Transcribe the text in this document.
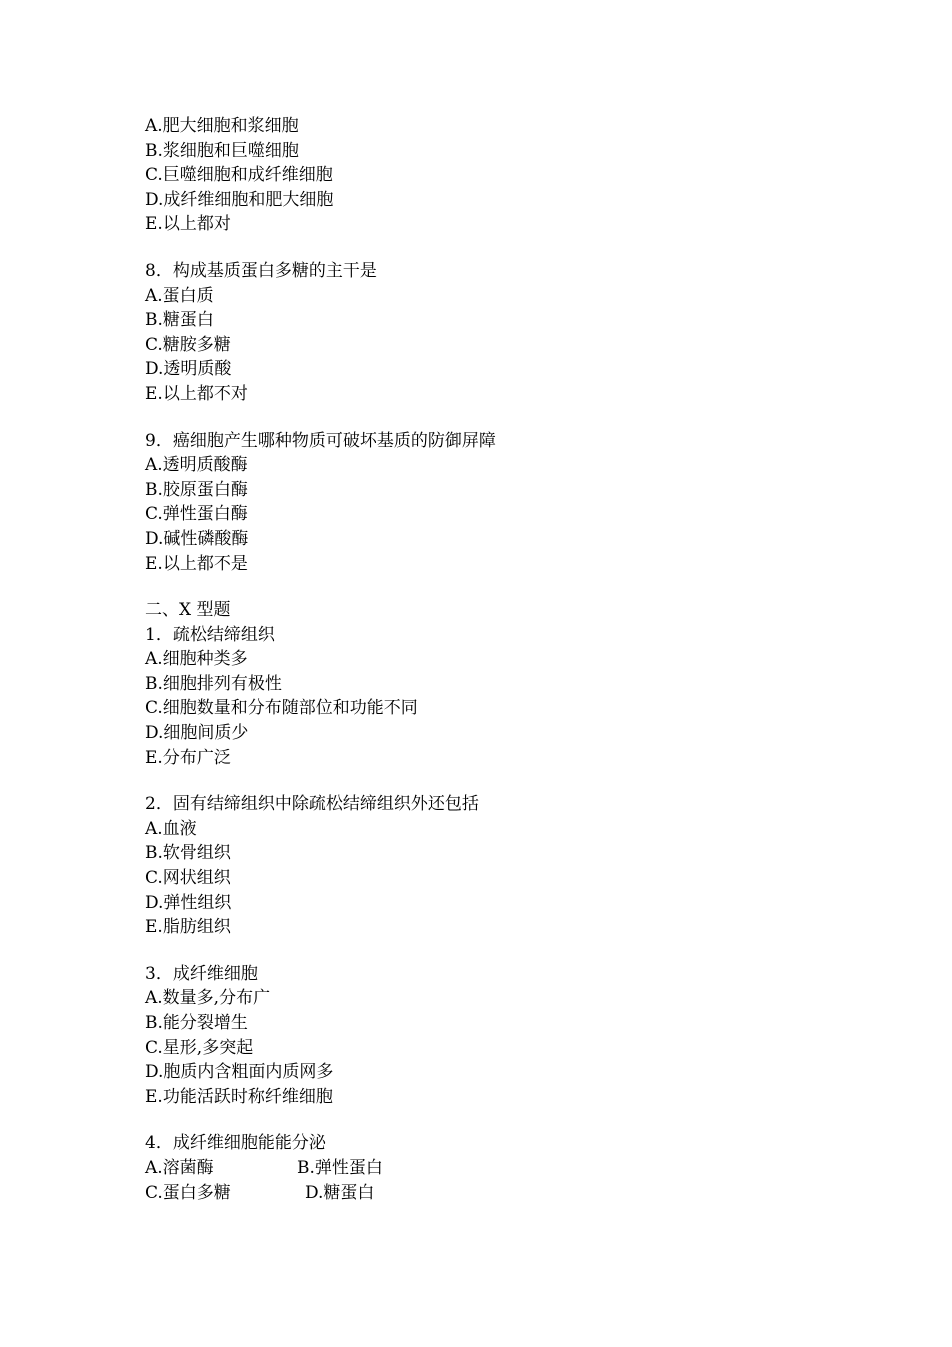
A.肥大细胞和浆细胞
B.浆细胞和巨噬细胞
C.巨噬细胞和成纤维细胞
D.成纤维细胞和肥大细胞
E.以上都对
8．构成基质蛋白多糖的主干是
A.蛋白质
B.糖蛋白
C.糖胺多糖
D.透明质酸
E.以上都不对
9．癌细胞产生哪种物质可破坏基质的防御屏障
A.透明质酸酶
B.胶原蛋白酶
C.弹性蛋白酶
D.碱性磷酸酶
E.以上都不是
二、X 型题
1．疏松结缔组织
A.细胞种类多
B.细胞排列有极性
C.细胞数量和分布随部位和功能不同
D.细胞间质少
E.分布广泛
2．固有结缔组织中除疏松结缔组织外还包括
A.血液
B.软骨组织
C.网状组织
D.弹性组织
E.脂肪组织
3．成纤维细胞
A.数量多,分布广
B.能分裂增生
C.星形,多突起
D.胞质内含粗面内质网多
E.功能活跃时称纤维细胞
4．成纤维细胞能能分泌
A.溶菌酶	B.弹性蛋白
C.蛋白多糖	D.糖蛋白
